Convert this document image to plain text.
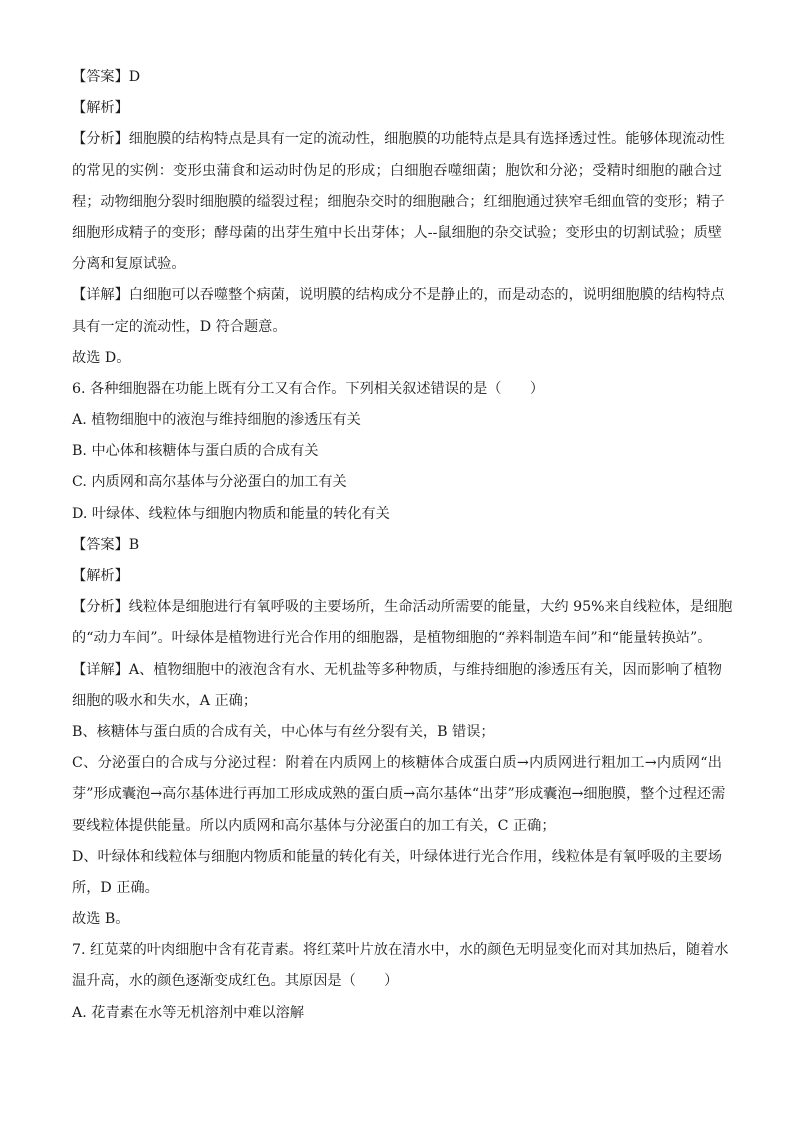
【答案】D

【解析】

【分析】细胞膜的结构特点是具有一定的流动性，细胞膜的功能特点是具有选择透过性。能够体现流动性

的常见的实例：变形虫蒲食和运动时伪足的形成；白细胞吞噬细菌；胞饮和分泌；受精时细胞的融合过

程；动物细胞分裂时细胞膜的缢裂过程；细胞杂交时的细胞融合；红细胞通过狭窄毛细血管的变形；精子

细胞形成精子的变形；酵母菌的出芽生殖中长出芽体；人--鼠细胞的杂交试验；变形虫的切割试验；质壁

分离和复原试验。

【详解】白细胞可以吞噬整个病菌，说明膜的结构成分不是静止的，而是动态的，说明细胞膜的结构特点

具有一定的流动性，D 符合题意。

故选 D。

6. 各种细胞器在功能上既有分工又有合作。下列相关叙述错误的是（　　）

A. 植物细胞中的液泡与维持细胞的渗透压有关

B. 中心体和核糖体与蛋白质的合成有关

C. 内质网和高尔基体与分泌蛋白的加工有关

D. 叶绿体、线粒体与细胞内物质和能量的转化有关

【答案】B

【解析】

【分析】线粒体是细胞进行有氧呼吸的主要场所，生命活动所需要的能量，大约 95%来自线粒体，是细胞

的“动力车间”。叶绿体是植物进行光合作用的细胞器，是植物细胞的“养料制造车间”和“能量转换站”。

【详解】A、植物细胞中的液泡含有水、无机盐等多种物质，与维持细胞的渗透压有关，因而影响了植物

细胞的吸水和失水，A 正确；

B、核糖体与蛋白质的合成有关，中心体与有丝分裂有关，B 错误；

C、分泌蛋白的合成与分泌过程：附着在内质网上的核糖体合成蛋白质→内质网进行粗加工→内质网“出

芽”形成囊泡→高尔基体进行再加工形成成熟的蛋白质→高尔基体“出芽”形成囊泡→细胞膜，整个过程还需

要线粒体提供能量。所以内质网和高尔基体与分泌蛋白的加工有关，C 正确；

D、叶绿体和线粒体与细胞内物质和能量的转化有关，叶绿体进行光合作用，线粒体是有氧呼吸的主要场

所，D 正确。

故选 B。

7. 红苋菜的叶肉细胞中含有花青素。将红菜叶片放在清水中，水的颜色无明显变化而对其加热后，随着水

温升高，水的颜色逐渐变成红色。其原因是（　　）

A. 花青素在水等无机溶剂中难以溶解
